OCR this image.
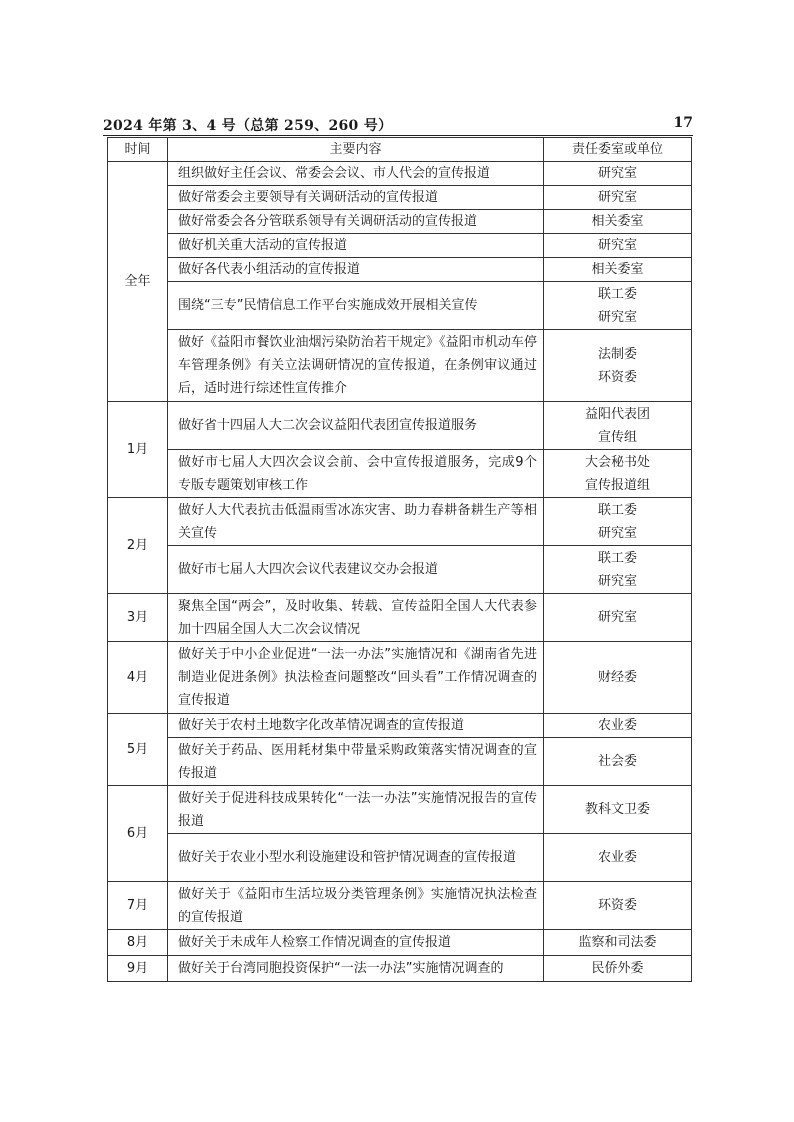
2024 年第 3、4 号（总第 259、260 号）	17
时间	主要内容	责任委室或单位
全年	组织做好主任会议、常委会会议、市人代会的宣传报道	研究室

	做好常委会主要领导有关调研活动的宣传报道	研究室

	做好常委会各分管联系领导有关调研活动的宣传报道	相关委室

	做好机关重大活动的宣传报道	研究室

	做好各代表小组活动的宣传报道	相关委室

	围绕“三专”民情信息工作平台实施成效开展相关宣传	联工委
研究室

	做好《益阳市餐饮业油烟污染防治若干规定》《益阳市机动车停车管理条例》有关立法调研情况的宣传报道，在条例审议通过后，适时进行综述性宣传推介	法制委
环资委

1月	做好省十四届人大二次会议益阳代表团宣传报道服务	益阳代表团
宣传组

	做好市七届人大四次会议会前、会中宣传报道服务，完成9个专版专题策划审核工作	大会秘书处
宣传报道组

2月	做好人大代表抗击低温雨雪冰冻灾害、助力春耕备耕生产等相关宣传	联工委
研究室

	做好市七届人大四次会议代表建议交办会报道	联工委
研究室

3月	聚焦全国“两会”，及时收集、转载、宣传益阳全国人大代表参加十四届全国人大二次会议情况	研究室

4月	做好关于中小企业促进“一法一办法”实施情况和《湖南省先进制造业促进条例》执法检查问题整改“回头看”工作情况调查的宣传报道	财经委

5月	做好关于农村土地数字化改革情况调查的宣传报道	农业委

	做好关于药品、医用耗材集中带量采购政策落实情况调查的宣传报道	社会委

6月	做好关于促进科技成果转化“一法一办法”实施情况报告的宣传报道	教科文卫委

	做好关于农业小型水利设施建设和管护情况调查的宣传报道	农业委

7月	做好关于《益阳市生活垃圾分类管理条例》实施情况执法检查的宣传报道	环资委

8月	做好关于未成年人检察工作情况调查的宣传报道	监察和司法委

9月	做好关于台湾同胞投资保护“一法一办法”实施情况调查的	民侨外委
